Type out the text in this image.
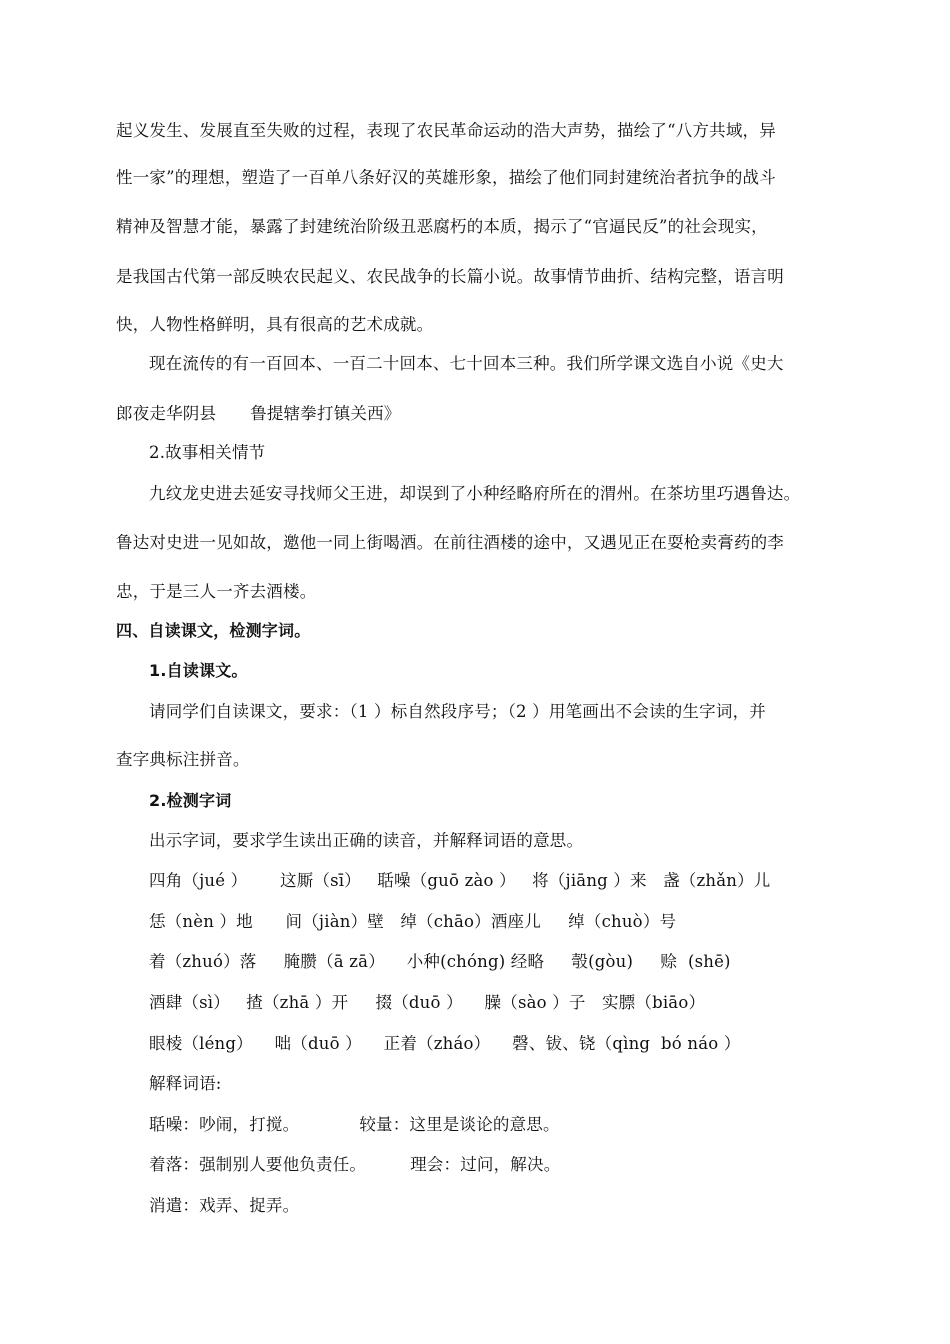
起义发生、发展直至失败的过程，表现了农民革命运动的浩大声势，描绘了“八方共域，异
性一家”的理想，塑造了一百单八条好汉的英雄形象，描绘了他们同封建统治者抗争的战斗
精神及智慧才能，暴露了封建统治阶级丑恶腐朽的本质，揭示了“官逼民反”的社会现实，
是我国古代第一部反映农民起义、农民战争的长篇小说。故事情节曲折、结构完整，语言明
快，人物性格鲜明，具有很高的艺术成就。
现在流传的有一百回本、一百二十回本、七十回本三种。我们所学课文选自小说《史大
郎夜走华阴县 鲁提辖拳打镇关西》
2.故事相关情节
九纹龙史进去延安寻找师父王进，却误到了小种经略府所在的渭州。在茶坊里巧遇鲁达。
鲁达对史进一见如故，邀他一同上街喝酒。在前往酒楼的途中，又遇见正在耍枪卖膏药的李
忠，于是三人一齐去酒楼。
四、自读课文，检测字词。
1.自读课文。
请同学们自读课文，要求：（1 ）标自然段序号；（2 ）用笔画出不会读的生字词，并
查字典标注拼音。
2.检测字词
出示字词，要求学生读出正确的读音，并解释词语的意思。
四角（jué ）      这厮（sī）   聒噪（guō zào ）   将（jiāng ）来   盏（zhǎn）儿
恁（nèn ）地      间（jiàn）壁   绰（chāo）酒座儿     绰（chuò）号
着（zhuó）落     腌臜（ā zā）    小种(chóng) 经略     彀(gòu)     赊  (shē)
酒肆（sì）   揸（zhā ）开     掇（duō ）    臊（sào ）子   实膘（biāo）
眼棱（léng）    咄（duō ）    正着（zháo）    磬、钹、铙（qìng  bó náo ）
解释词语:
聒噪：吵闹，打搅。	较量：这里是谈论的意思。
着落：强制别人要他负责任。	理会：过问，解决。
消遣：戏弄、捉弄。
